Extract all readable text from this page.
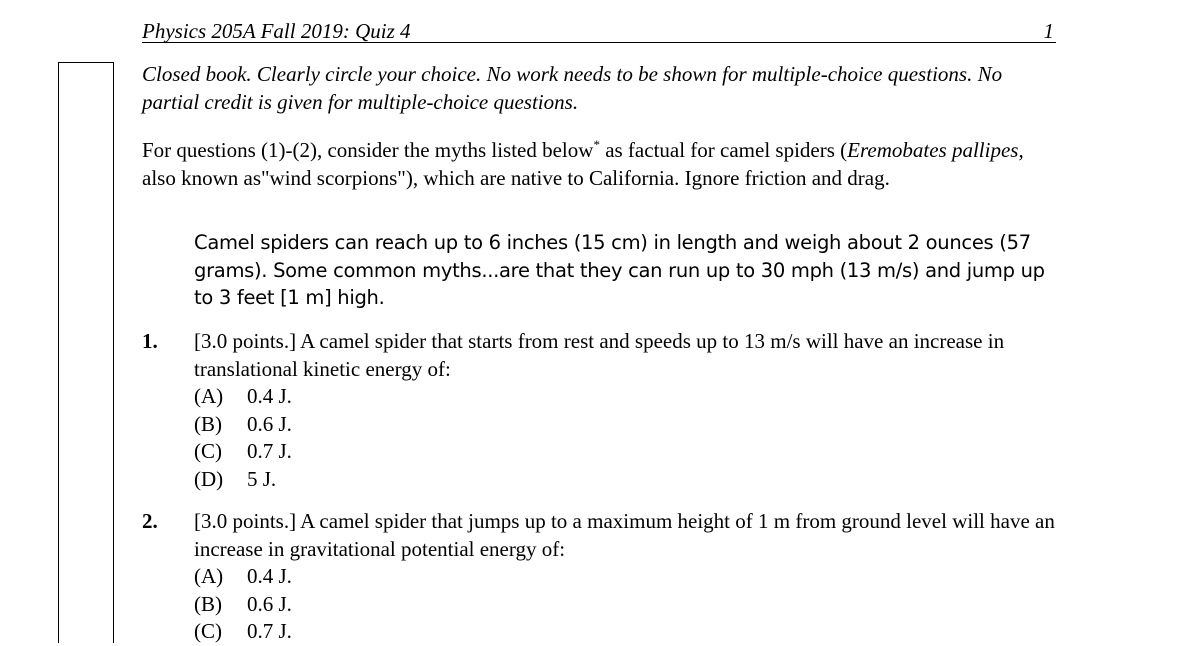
Physics 205A Fall 2019: Quiz 4	1
Closed book. Clearly circle your choice. No work needs to be shown for multiple-choice questions. No partial credit is given for multiple-choice questions.
For questions (1)-(2), consider the myths listed below* as factual for camel spiders (Eremobates pallipes, also known as"wind scorpions"), which are native to California. Ignore friction and drag.
Camel spiders can reach up to 6 inches (15 cm) in length and weigh about 2 ounces (57 grams). Some common myths...are that they can run up to 30 mph (13 m/s) and jump up to 3 feet [1 m] high.
1. [3.0 points.] A camel spider that starts from rest and speeds up to 13 m/s will have an increase in translational kinetic energy of:
(A) 0.4 J.
(B) 0.6 J.
(C) 0.7 J.
(D) 5 J.
2. [3.0 points.] A camel spider that jumps up to a maximum height of 1 m from ground level will have an increase in gravitational potential energy of:
(A) 0.4 J.
(B) 0.6 J.
(C) 0.7 J.
